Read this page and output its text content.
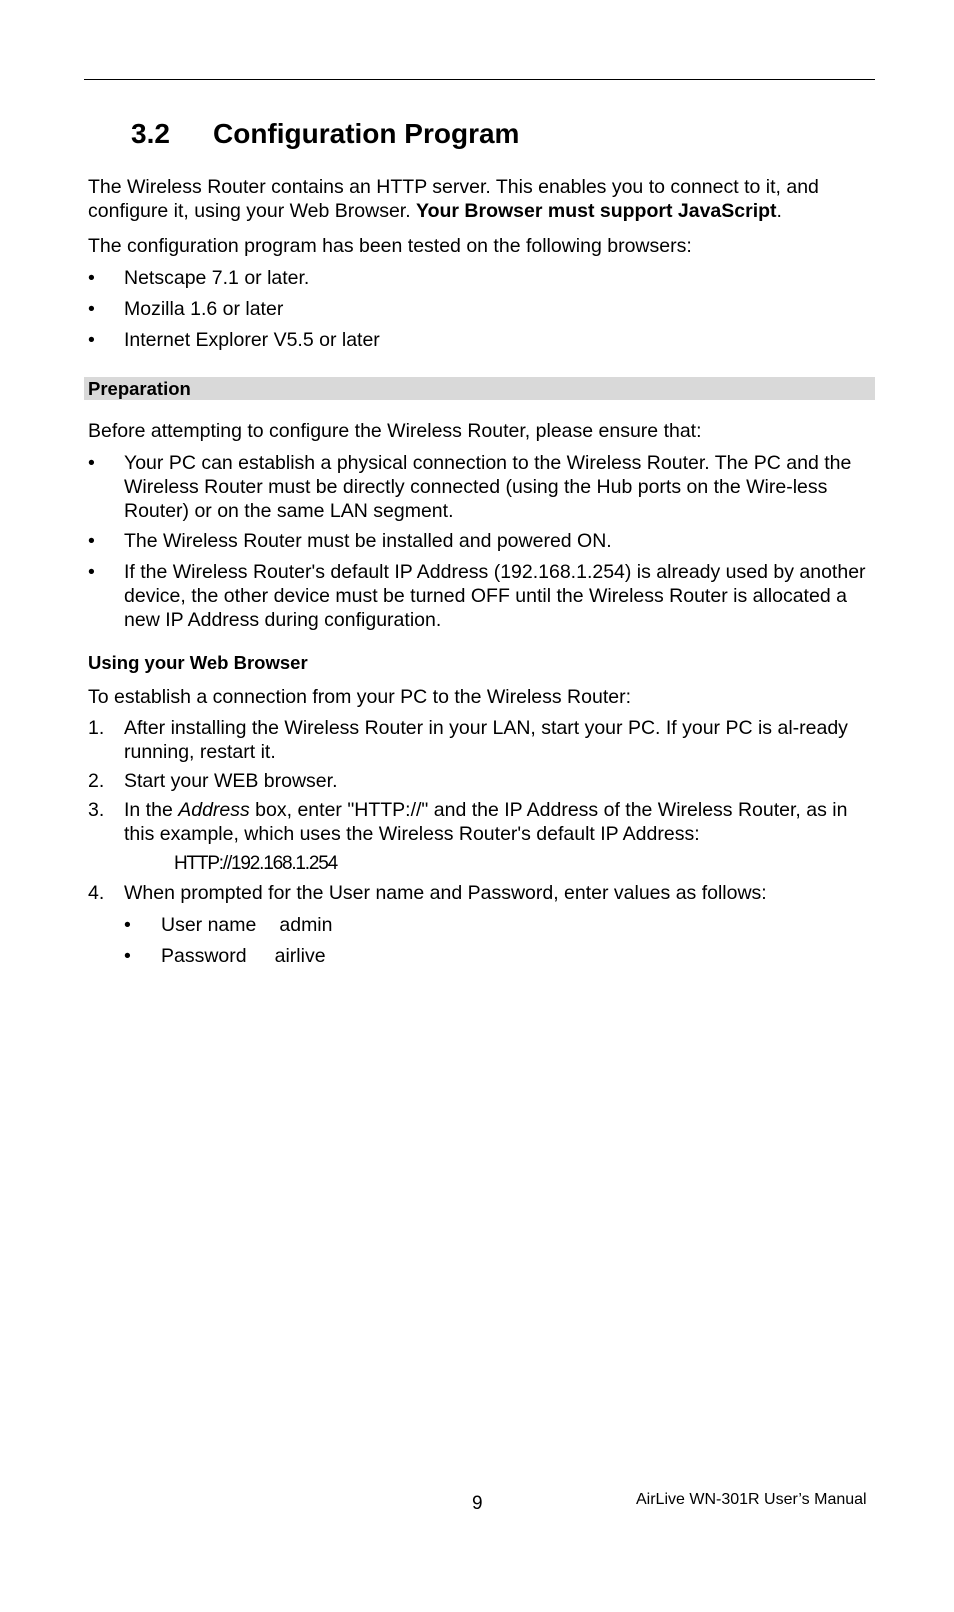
3.2 Configuration Program

The Wireless Router contains an HTTP server. This enables you to connect to it, and configure it, using your Web Browser. Your Browser must support JavaScript.

The configuration program has been tested on the following browsers:

•	Netscape 7.1 or later.
•	Mozilla 1.6 or later
•	Internet Explorer V5.5 or later
Preparation

Before attempting to configure the Wireless Router, please ensure that:

•	Your PC can establish a physical connection to the Wireless Router. The PC and the Wireless Router must be directly connected (using the Hub ports on the Wire-less Router) or on the same LAN segment.
•	The Wireless Router must be installed and powered ON.
•	If the Wireless Router's default IP Address (192.168.1.254) is already used by another device, the other device must be turned OFF until the Wireless Router is allocated a new IP Address during configuration.
Using your Web Browser

To establish a connection from your PC to the Wireless Router:

1.	After installing the Wireless Router in your LAN, start your PC. If your PC is al-ready running, restart it.
2.	Start your WEB browser.
3.	In the Address box, enter "HTTP://" and the IP Address of the Wireless Router, as in this example, which uses the Wireless Router's default IP Address:
HTTP://192.168.1.254
4.	When prompted for the User name and Password, enter values as follows:
•	User name admin
•	Password airlive
9	AirLive WN-301R User’s Manual
